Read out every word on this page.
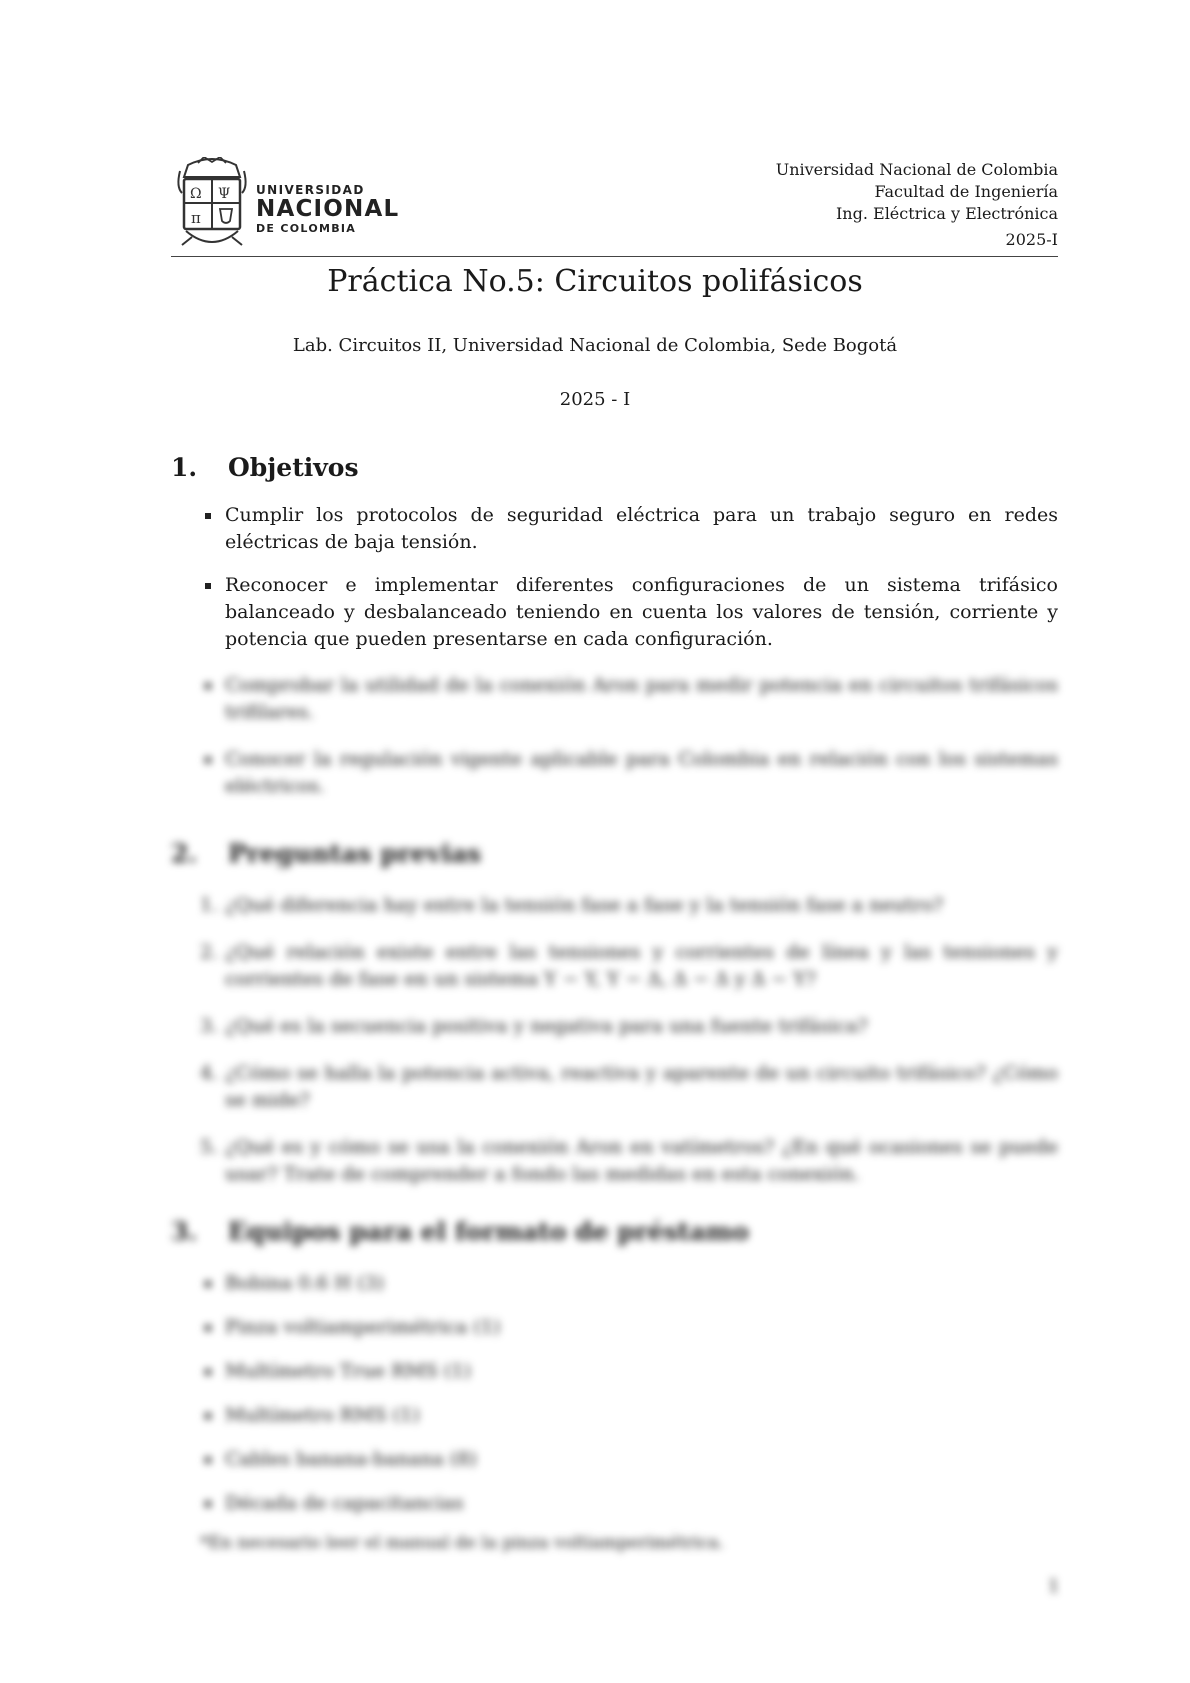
Ω Ψ
π
UNIVERSIDAD
NACIONAL
DE COLOMBIA
Universidad Nacional de Colombia
Facultad de Ingeniería
Ing. Eléctrica y Electrónica
2025-I
Práctica No.5: Circuitos polifásicos
Lab. Circuitos II, Universidad Nacional de Colombia, Sede Bogotá
2025 - I
1. Objetivos
Cumplir los protocolos de seguridad eléctrica para un trabajo seguro en redes eléctricas de baja tensión.
Reconocer e implementar diferentes configuraciones de un sistema trifásico balanceado y desbalanceado teniendo en cuenta los valores de tensión, corriente y potencia que pueden presentarse en cada configuración.
Comprobar la utilidad de la conexión Aron para medir potencia en circuitos trifásicos trifilares.
Conocer la regulación vigente aplicable para Colombia en relación con los sistemas eléctricos.
2. Preguntas previas
1. ¿Qué diferencia hay entre la tensión fase a fase y la tensión fase a neutro?
2. ¿Qué relación existe entre las tensiones y corrientes de línea y las tensiones y corrientes de fase en un sistema Y − Y, Y − Δ, Δ − Δ y Δ − Y?
3. ¿Qué es la secuencia positiva y negativa para una fuente trifásica?
4. ¿Cómo se halla la potencia activa, reactiva y aparente de un circuito trifásico? ¿Cómo se mide?
5. ¿Qué es y cómo se usa la conexión Aron en vatímetros? ¿En qué ocasiones se puede usar? Trate de comprender a fondo las medidas en esta conexión.
3. Equipos para el formato de préstamo
Bobina 0.6 H (3)
Pinza voltiamperimétrica (1)
Multímetro True RMS (1)
Multímetro RMS (1)
Cables banana-banana (8)
Década de capacitancias
*En necesario leer el manual de la pinza voltiamperimétrica.
1
